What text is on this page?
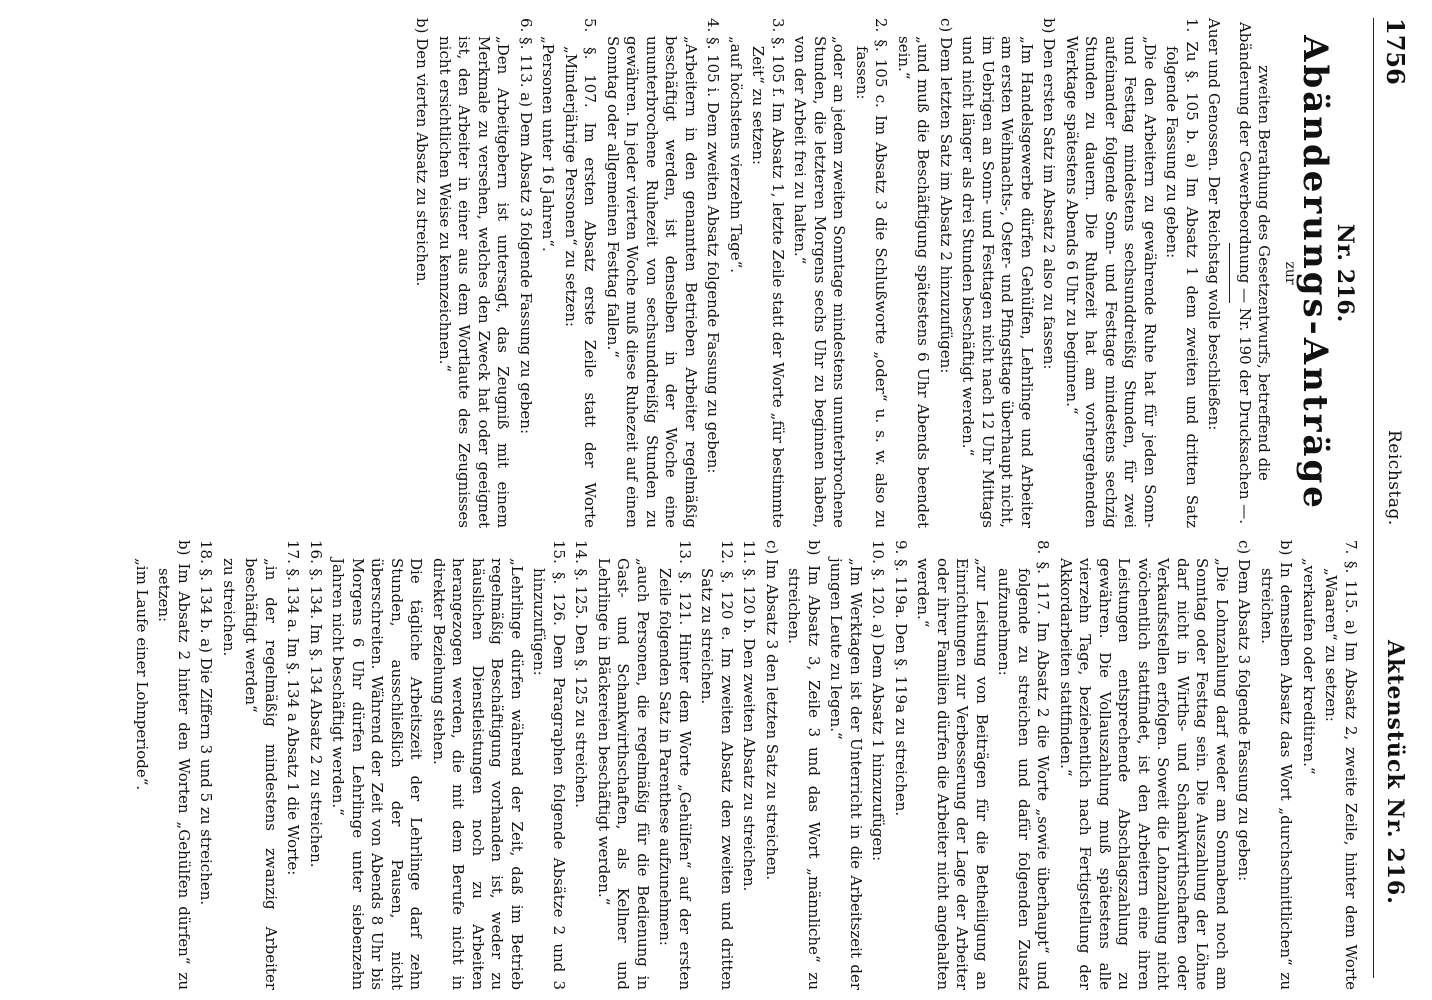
1756
Reichstag.
Aktenstück Nr. 216.
Nr. 216.
Abänderungs-Anträge
zur

zweiten Berathung des Gesetzentwurfs, betreffend die Abänderung der Gewerbeordnung — Nr. 190 der Drucksachen —.

Auer und Genossen. Der Reichstag wolle beschließen:

1. Zu §. 105 b. a) Im Absatz 1 dem zweiten und dritten Satz folgende Fassung zu geben:

„Die den Arbeitern zu gewährende Ruhe hat für jeden Sonn- und Festtag mindestens sechsunddreißig Stunden, für zwei aufeinander folgende Sonn- und Festtage mindestens sechzig Stunden zu dauern. Die Ruhezeit hat am vorhergehenden Werktage spätestens Abends 6 Uhr zu beginnen.“

b) Den ersten Satz im Absatz 2 also zu fassen:

„Im Handelsgewerbe dürfen Gehülfen, Lehrlinge und Arbeiter am ersten Weihnachts-, Oster- und Pfingsttage überhaupt nicht, im Uebrigen an Sonn- und Festtagen nicht nach 12 Uhr Mittags und nicht länger als drei Stunden beschäftigt werden.“

c) Dem letzten Satz im Absatz 2 hinzuzufügen:

„und muß die Beschäftigung spätestens 6 Uhr Abends beendet sein.“

2. §. 105 c. Im Absatz 3 die Schlußworte „oder“ u. s. w. also zu fassen:

„oder an jedem zweiten Sonntage mindestens ununterbrochene Stunden, die letzteren Morgens sechs Uhr zu beginnen haben, von der Arbeit frei zu halten.“

3. §. 105 f. Im Absatz 1, letzte Zeile statt der Worte „für bestimmte Zeit“ zu setzen:

„auf höchstens vierzehn Tage“.

4. §. 105 i. Dem zweiten Absatz folgende Fassung zu geben:

„Arbeitern in den genannten Betrieben Arbeiter regelmäßig beschäftigt werden, ist denselben in der Woche eine ununterbrochene Ruhezeit von sechsunddreißig Stunden zu gewähren. In jeder vierten Woche muß diese Ruhezeit auf einen Sonntag oder allgemeinen Festtag fallen.“

5. §. 107. Im ersten Absatz erste Zeile statt der Worte „Minderjährige Personen“ zu setzen:

„Personen unter 16 Jahren“.

6. §. 113. a) Dem Absatz 3 folgende Fassung zu geben:

„Den Arbeitgebern ist untersagt, das Zeugniß mit einem Merkmale zu versehen, welches den Zweck hat oder geeignet ist, den Arbeiter in einer aus dem Wortlaute des Zeugnisses nicht ersichtlichen Weise zu kennzeichnen.“

b) Den vierten Absatz zu streichen.

7. §. 115. a) Im Absatz 2, zweite Zeile, hinter dem Worte „Waaren“ zu setzen:

„verkaufen oder kreditiren.“

b) In demselben Absatz das Wort „durchschnittlichen“ zu streichen.

c) Dem Absatz 3 folgende Fassung zu geben:

„Die Lohnzahlung darf weder am Sonnabend noch am Sonntag oder Festtag sein. Die Auszahlung der Löhne darf nicht in Wirths- und Schankwirthschaften oder Verkaufsstellen erfolgen. Soweit die Lohnzahlung nicht wöchentlich stattfindet, ist den Arbeitern eine ihren Leistungen entsprechende Abschlagszahlung zu gewähren. Die Vollauszahlung muß spätestens alle vierzehn Tage, beziehentlich nach Fertigstellung der Akkordarbeiten stattfinden.“

8. §. 117. Im Absatz 2 die Worte „sowie überhaupt“ und folgende zu streichen und dafür folgenden Zusatz aufzunehmen:

„zur Leistung von Beiträgen für die Betheiligung an Einrichtungen zur Verbesserung der Lage der Arbeiter oder ihrer Familien dürfen die Arbeiter nicht angehalten werden.“

9. §. 119a. Den §. 119a zu streichen.

10. §. 120. a) Dem Absatz 1 hinzuzufügen:

„Im Werktagen ist der Unterricht in die Arbeitszeit der jungen Leute zu legen.“

b) Im Absatz 3, Zeile 3 und das Wort „männliche“ zu streichen.

c) Im Absatz 3 den letzten Satz zu streichen.

11. §. 120 b. Den zweiten Absatz zu streichen.

12. §. 120 e. Im zweiten Absatz den zweiten und dritten Satz zu streichen.

13. §. 121. Hinter dem Worte „Gehülfen“ auf der ersten Zeile folgenden Satz in Parenthese aufzunehmen:

„auch Personen, die regelmäßig für die Bedienung in Gast- und Schankwirthschaften, als Kellner und Lehrlinge in Bäckereien beschäftigt werden.“

14. §. 125. Den §. 125 zu streichen.

15. §. 126. Dem Paragraphen folgende Absätze 2 und 3 hinzuzufügen:

„Lehrlinge dürfen während der Zeit, daß im Betrieb regelmäßig Beschäftigung vorhanden ist, weder zu häuslichen Dienstleistungen noch zu Arbeiten herangezogen werden, die mit dem Berufe nicht in direkter Beziehung stehen.

Die tägliche Arbeitszeit der Lehrlinge darf zehn Stunden, ausschließlich der Pausen, nicht überschreiten. Während der Zeit von Abends 8 Uhr bis Morgens 6 Uhr dürfen Lehrlinge unter siebenzehn Jahren nicht beschäftigt werden.“

16. §. 134. Im §. 134 Absatz 2 zu streichen.

17. §. 134 a. Im §. 134 a Absatz 1 die Worte:

„in der regelmäßig mindestens zwanzig Arbeiter beschäftigt werden“

zu streichen.

18. §. 134 b. a) Die Ziffern 3 und 5 zu streichen.

b) Im Absatz 2 hinter den Worten „Gehülfen dürfen“ zu setzen:

„im Laufe einer Lohnperiode“.
